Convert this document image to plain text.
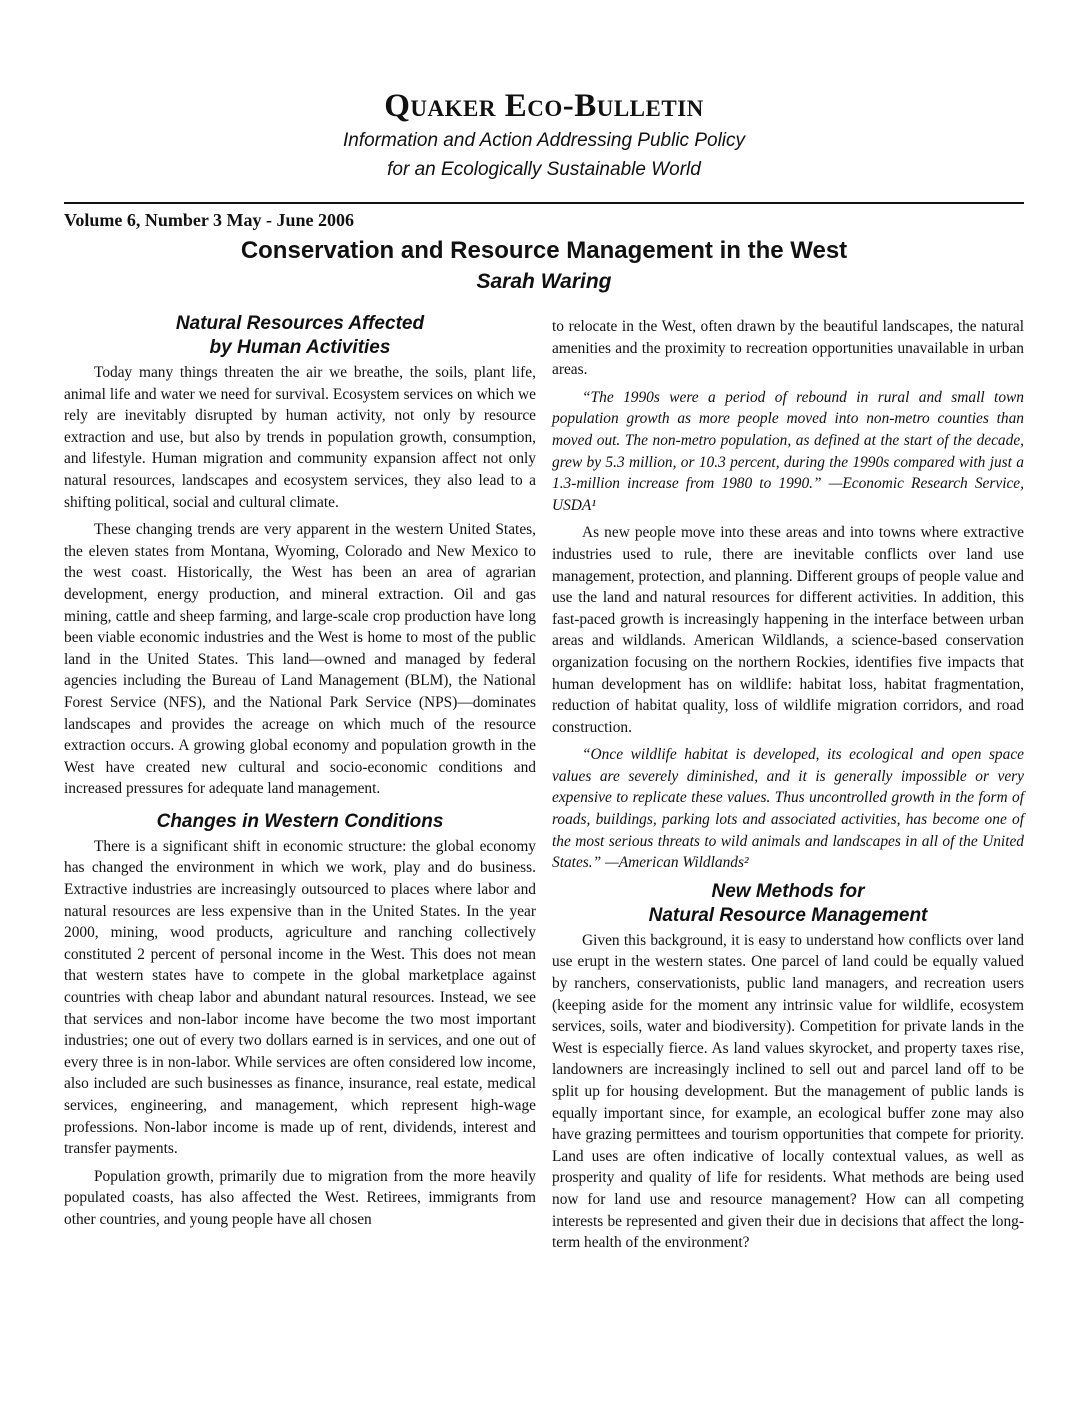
Quaker Eco-Bulletin

Information and Action Addressing Public Policy

for an Ecologically Sustainable World

Volume 6, Number 3 May - June 2006
Conservation and Resource Management in the West

Sarah Waring

Natural Resources Affected
by Human Activities

Today many things threaten the air we breathe, the soils, plant life, animal life and water we need for survival. Ecosystem services on which we rely are inevitably disrupted by human activity, not only by resource extraction and use, but also by trends in population growth, consumption, and lifestyle. Human migration and community expansion affect not only natural resources, landscapes and ecosystem services, they also lead to a shifting political, social and cultural climate.

These changing trends are very apparent in the western United States, the eleven states from Montana, Wyoming, Colorado and New Mexico to the west coast. Historically, the West has been an area of agrarian development, energy production, and mineral extraction. Oil and gas mining, cattle and sheep farming, and large-scale crop production have long been viable economic industries and the West is home to most of the public land in the United States. This land—owned and managed by federal agencies including the Bureau of Land Management (BLM), the National Forest Service (NFS), and the National Park Service (NPS)—dominates landscapes and provides the acreage on which much of the resource extraction occurs. A growing global economy and population growth in the West have created new cultural and socio-economic conditions and increased pressures for adequate land management.

Changes in Western Conditions

There is a significant shift in economic structure: the global economy has changed the environment in which we work, play and do business. Extractive industries are increasingly outsourced to places where labor and natural resources are less expensive than in the United States. In the year 2000, mining, wood products, agriculture and ranching collectively constituted 2 percent of personal income in the West. This does not mean that western states have to compete in the global marketplace against countries with cheap labor and abundant natural resources. Instead, we see that services and non-labor income have become the two most important industries; one out of every two dollars earned is in services, and one out of every three is in non-labor. While services are often considered low income, also included are such businesses as finance, insurance, real estate, medical services, engineering, and management, which represent high-wage professions. Non-labor income is made up of rent, dividends, interest and transfer payments.

Population growth, primarily due to migration from the more heavily populated coasts, has also affected the West. Retirees, immigrants from other countries, and young people have all chosen

to relocate in the West, often drawn by the beautiful landscapes, the natural amenities and the proximity to recreation opportunities unavailable in urban areas.

“The 1990s were a period of rebound in rural and small town population growth as more people moved into non-metro counties than moved out. The non-metro population, as defined at the start of the decade, grew by 5.3 million, or 10.3 percent, during the 1990s compared with just a 1.3-million increase from 1980 to 1990.” —Economic Research Service, USDA¹

As new people move into these areas and into towns where extractive industries used to rule, there are inevitable conflicts over land use management, protection, and planning. Different groups of people value and use the land and natural resources for different activities. In addition, this fast-paced growth is increasingly happening in the interface between urban areas and wildlands. American Wildlands, a science-based conservation organization focusing on the northern Rockies, identifies five impacts that human development has on wildlife: habitat loss, habitat fragmentation, reduction of habitat quality, loss of wildlife migration corridors, and road construction.

“Once wildlife habitat is developed, its ecological and open space values are severely diminished, and it is generally impossible or very expensive to replicate these values. Thus uncontrolled growth in the form of roads, buildings, parking lots and associated activities, has become one of the most serious threats to wild animals and landscapes in all of the United States.” —American Wildlands²

New Methods for
Natural Resource Management

Given this background, it is easy to understand how conflicts over land use erupt in the western states. One parcel of land could be equally valued by ranchers, conservationists, public land managers, and recreation users (keeping aside for the moment any intrinsic value for wildlife, ecosystem services, soils, water and biodiversity). Competition for private lands in the West is especially fierce. As land values skyrocket, and property taxes rise, landowners are increasingly inclined to sell out and parcel land off to be split up for housing development. But the management of public lands is equally important since, for example, an ecological buffer zone may also have grazing permittees and tourism opportunities that compete for priority. Land uses are often indicative of locally contextual values, as well as prosperity and quality of life for residents. What methods are being used now for land use and resource management? How can all competing interests be represented and given their due in decisions that affect the long-term health of the environment?
